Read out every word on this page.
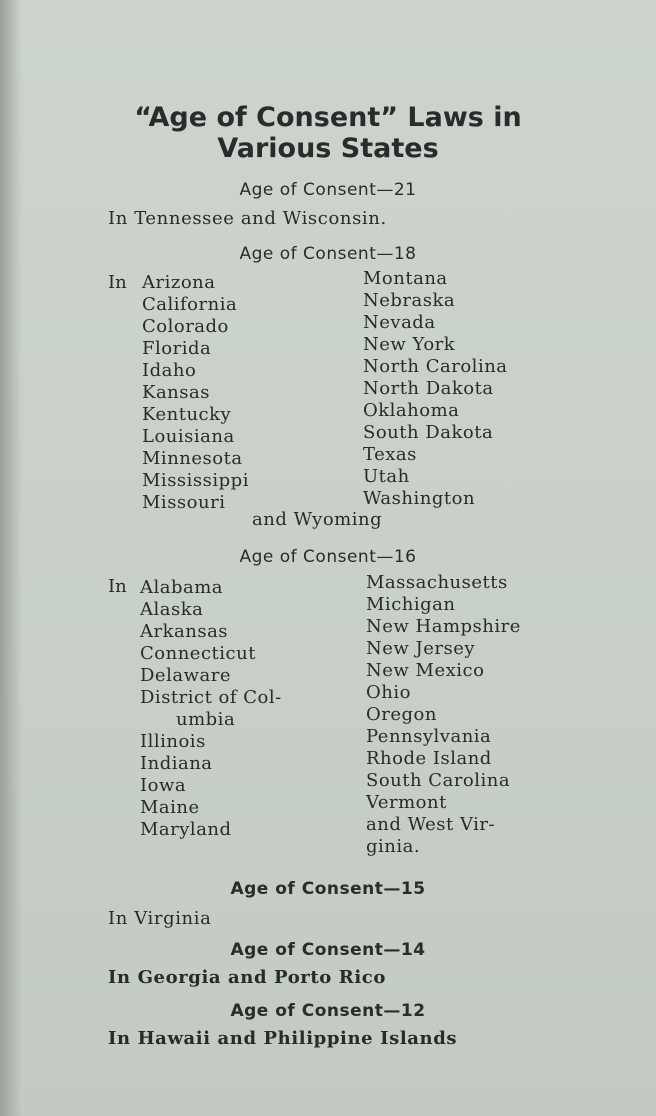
“Age of Consent” Laws in
Various States
Age of Consent—21
In Tennessee and Wisconsin.
Age of Consent—18
In Arizona
California
Colorado
Florida
Idaho
Kansas
Kentucky
Louisiana
Minnesota
Mississippi
Missouri
Montana
Nebraska
Nevada
New York
North Carolina
North Dakota
Oklahoma
South Dakota
Texas
Utah
Washington
and Wyoming
Age of Consent—16
In Alabama
Alaska
Arkansas
Connecticut
Delaware
District of Col-
umbia
Illinois
Indiana
Iowa
Maine
Maryland
Massachusetts
Michigan
New Hampshire
New Jersey
New Mexico
Ohio
Oregon
Pennsylvania
Rhode Island
South Carolina
Vermont
and West Vir-
ginia.
Age of Consent—15
In Virginia
Age of Consent—14
In Georgia and Porto Rico
Age of Consent—12
In Hawaii and Philippine Islands
